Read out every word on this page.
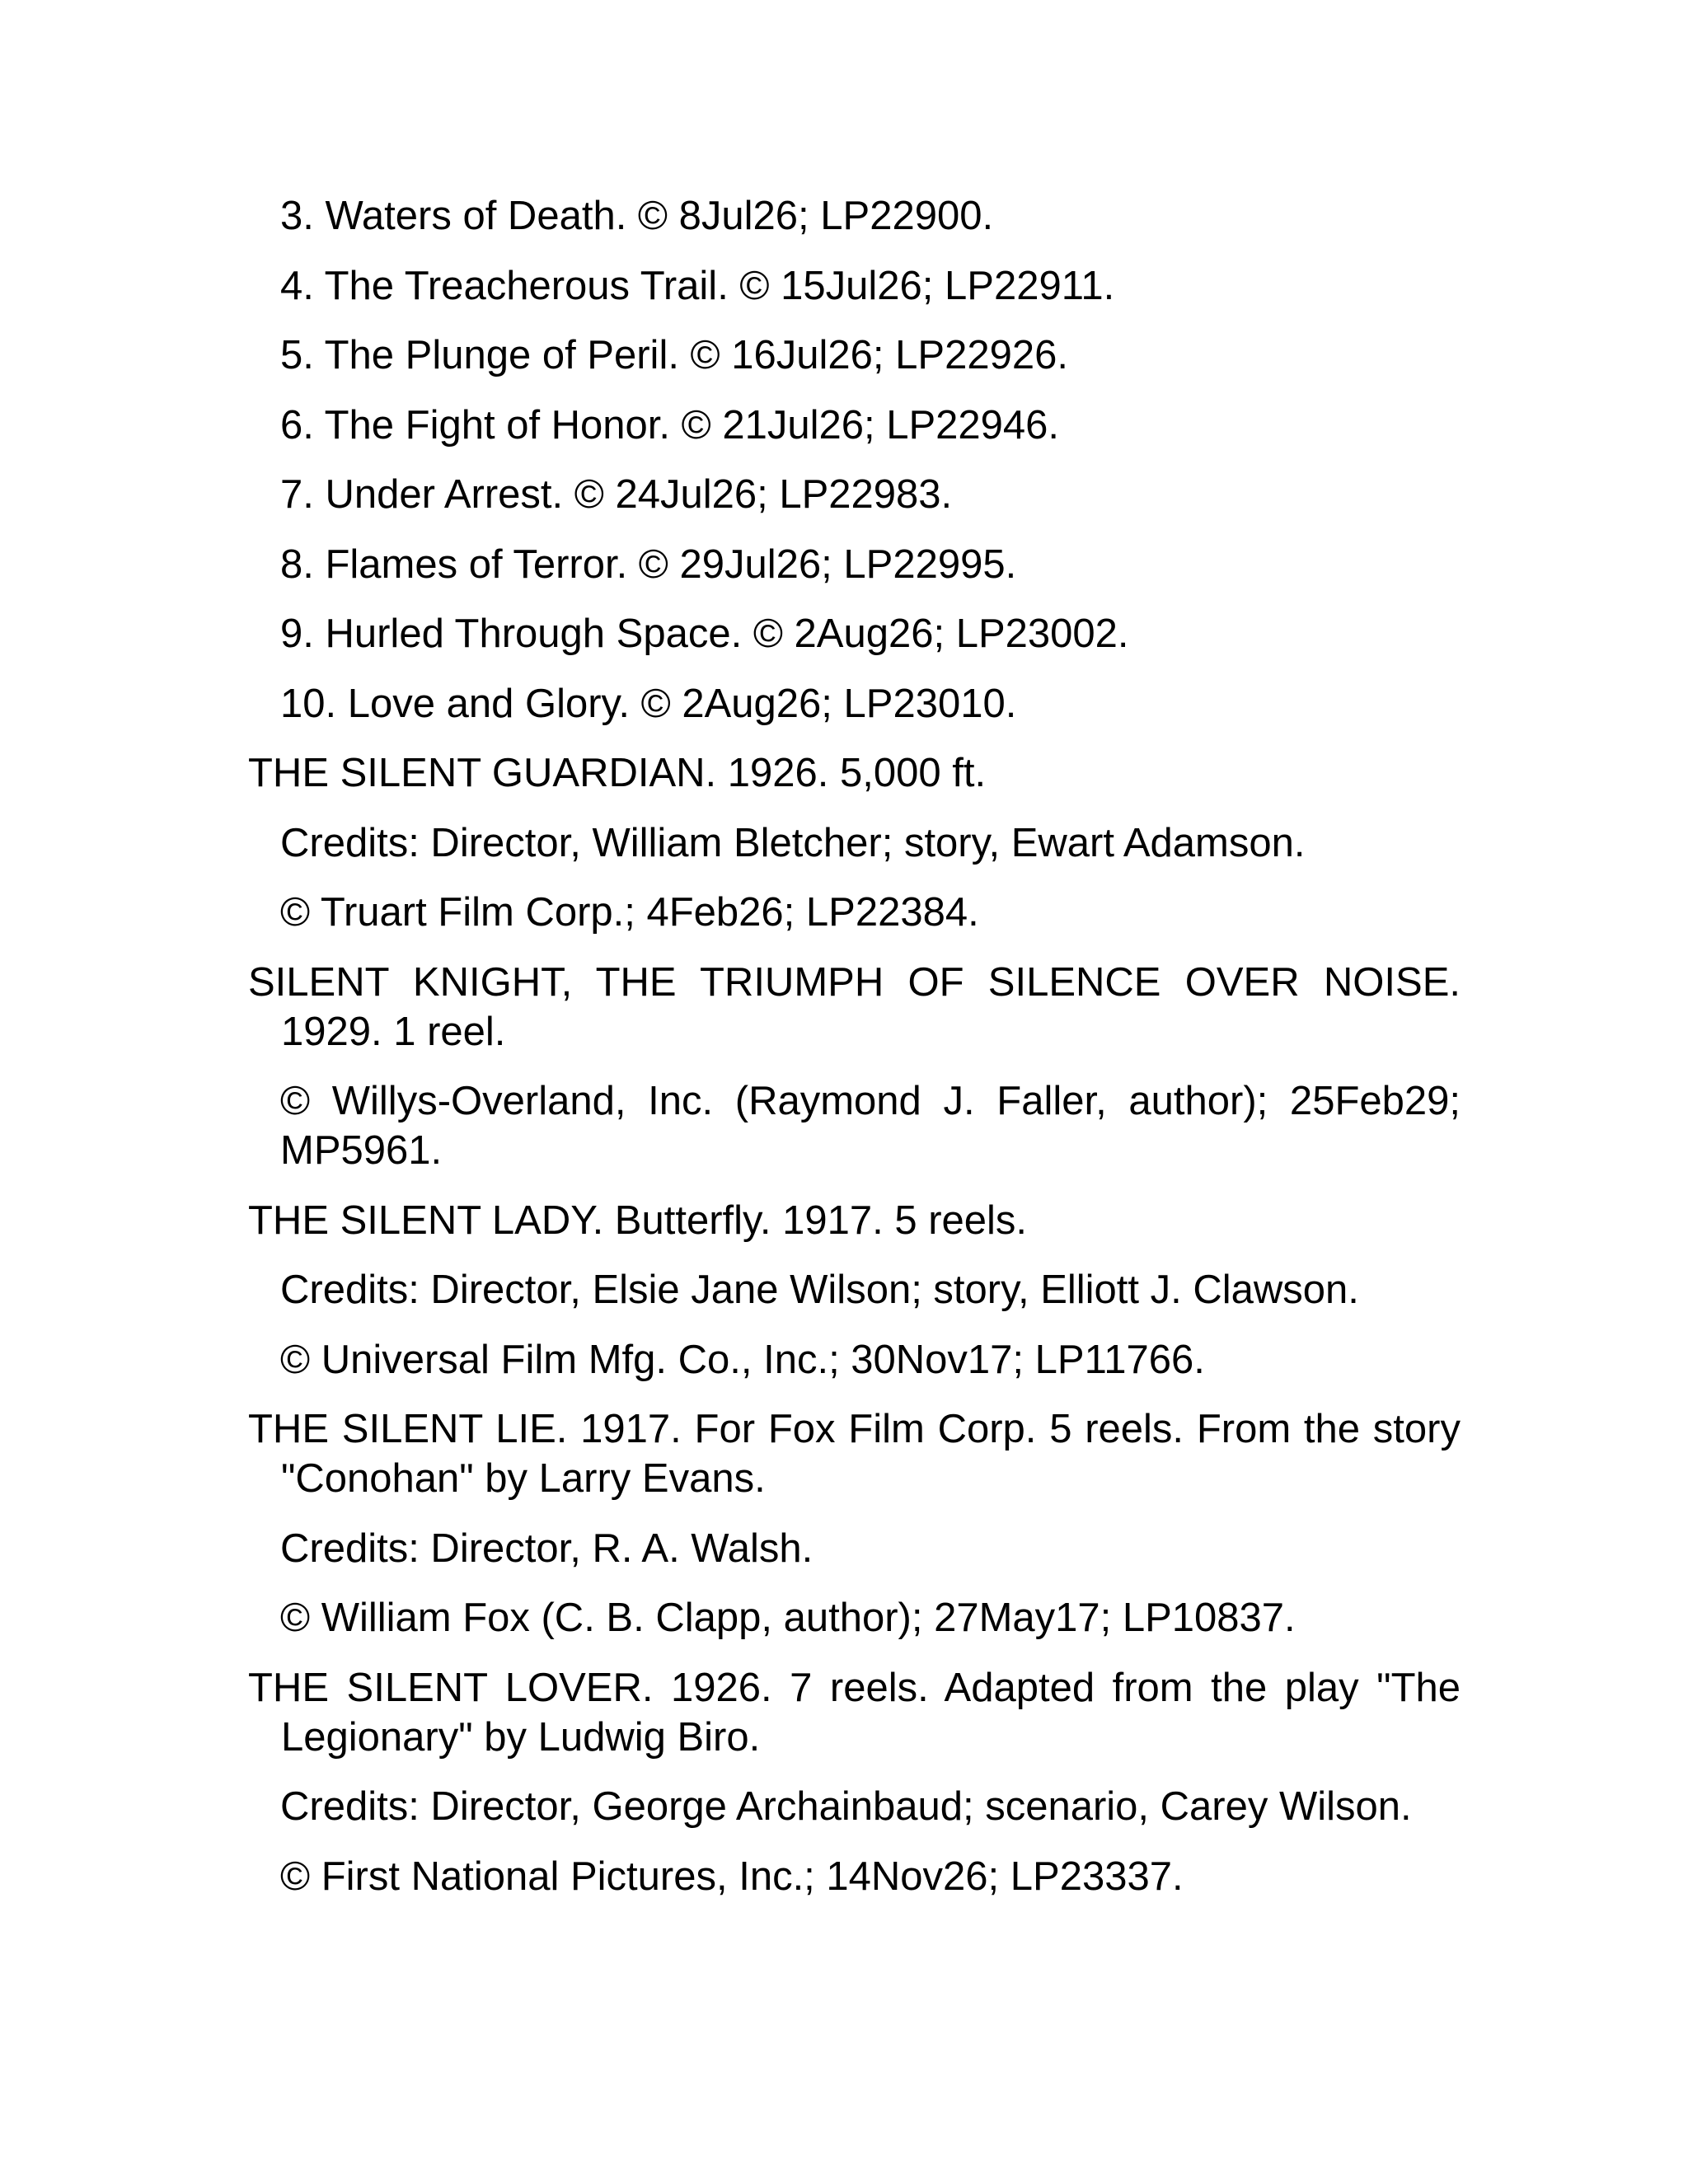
3. Waters of Death. © 8Jul26; LP22900.

4. The Treacherous Trail. © 15Jul26; LP22911.

5. The Plunge of Peril. © 16Jul26; LP22926.

6. The Fight of Honor. © 21Jul26; LP22946.

7. Under Arrest. © 24Jul26; LP22983.

8. Flames of Terror. © 29Jul26; LP22995.

9. Hurled Through Space. © 2Aug26; LP23002.

10. Love and Glory. © 2Aug26; LP23010.

THE SILENT GUARDIAN. 1926. 5,000 ft.

Credits: Director, William Bletcher; story, Ewart Adamson.

© Truart Film Corp.; 4Feb26; LP22384.

SILENT KNIGHT, THE TRIUMPH OF SILENCE OVER NOISE. 1929. 1 reel.

© Willys-Overland, Inc. (Raymond J. Faller, author); 25Feb29; MP5961.

THE SILENT LADY. Butterfly. 1917. 5 reels.

Credits: Director, Elsie Jane Wilson; story, Elliott J. Clawson.

© Universal Film Mfg. Co., Inc.; 30Nov17; LP11766.

THE SILENT LIE. 1917. For Fox Film Corp. 5 reels. From the story "Conohan" by Larry Evans.

Credits: Director, R. A. Walsh.

© William Fox (C. B. Clapp, author); 27May17; LP10837.

THE SILENT LOVER. 1926. 7 reels. Adapted from the play "The Legionary" by Ludwig Biro.

Credits: Director, George Archainbaud; scenario, Carey Wilson.

© First National Pictures, Inc.; 14Nov26; LP23337.
